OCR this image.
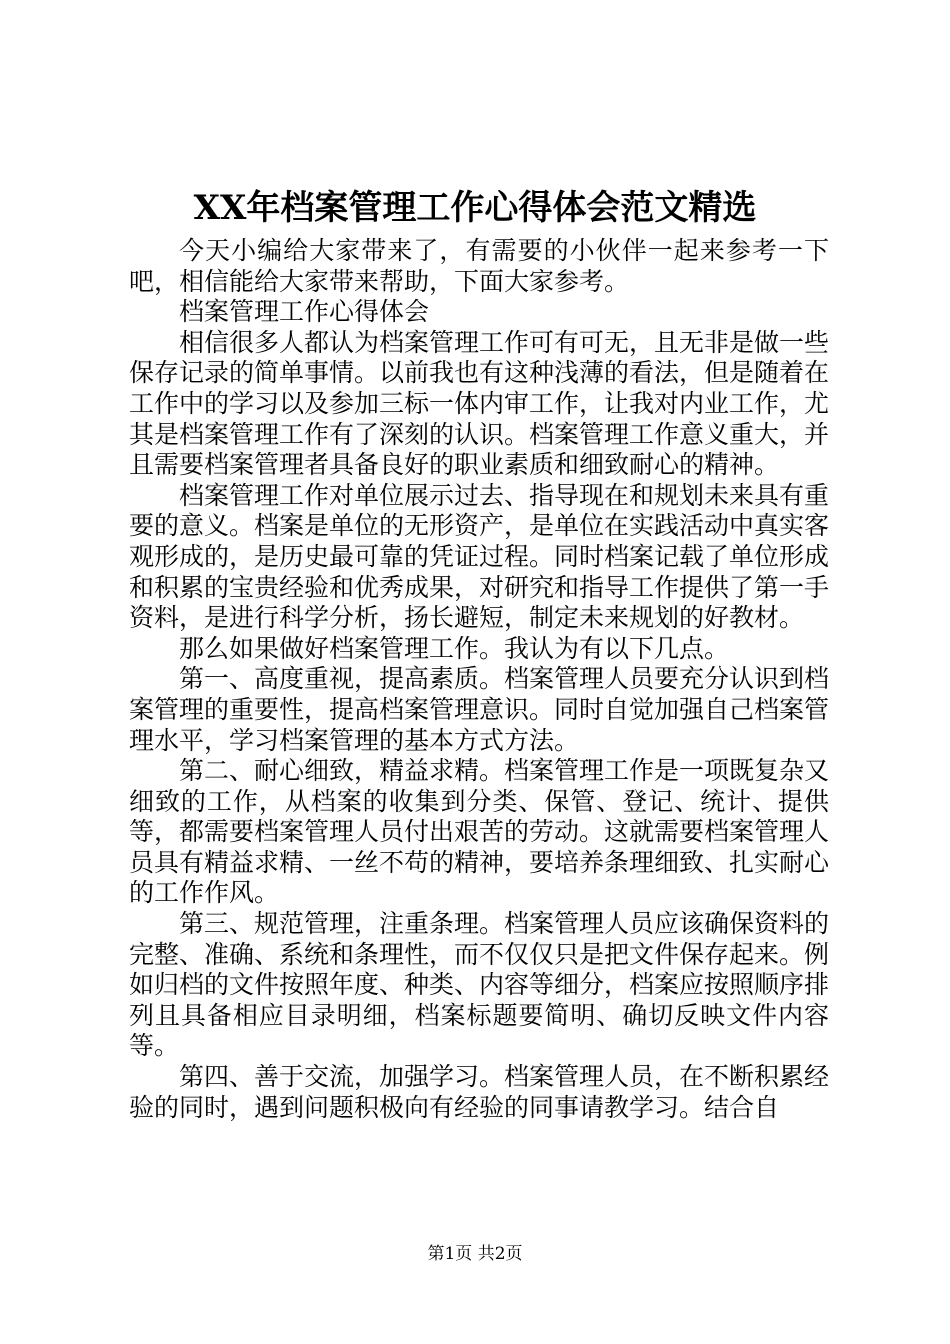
XX年档案管理工作心得体会范文精选

今天小编给大家带来了，有需要的小伙伴一起来参考一下吧，相信能给大家带来帮助，下面大家参考。

档案管理工作心得体会

相信很多人都认为档案管理工作可有可无，且无非是做一些保存记录的简单事情。以前我也有这种浅薄的看法，但是随着在工作中的学习以及参加三标一体内审工作，让我对内业工作，尤其是档案管理工作有了深刻的认识。档案管理工作意义重大，并且需要档案管理者具备良好的职业素质和细致耐心的精神。

档案管理工作对单位展示过去、指导现在和规划未来具有重要的意义。档案是单位的无形资产，是单位在实践活动中真实客观形成的，是历史最可靠的凭证过程。同时档案记载了单位形成和积累的宝贵经验和优秀成果，对研究和指导工作提供了第一手资料，是进行科学分析，扬长避短，制定未来规划的好教材。

那么如果做好档案管理工作。我认为有以下几点。

第一、高度重视，提高素质。档案管理人员要充分认识到档案管理的重要性，提高档案管理意识。同时自觉加强自己档案管理水平，学习档案管理的基本方式方法。

第二、耐心细致，精益求精。档案管理工作是一项既复杂又细致的工作，从档案的收集到分类、保管、登记、统计、提供等，都需要档案管理人员付出艰苦的劳动。这就需要档案管理人员具有精益求精、一丝不苟的精神，要培养条理细致、扎实耐心的工作作风。

第三、规范管理，注重条理。档案管理人员应该确保资料的完整、准确、系统和条理性，而不仅仅只是把文件保存起来。例如归档的文件按照年度、种类、内容等细分，档案应按照顺序排列且具备相应目录明细，档案标题要简明、确切反映文件内容等。

第四、善于交流，加强学习。档案管理人员，在不断积累经验的同时，遇到问题积极向有经验的同事请教学习。结合自

第1页 共2页
